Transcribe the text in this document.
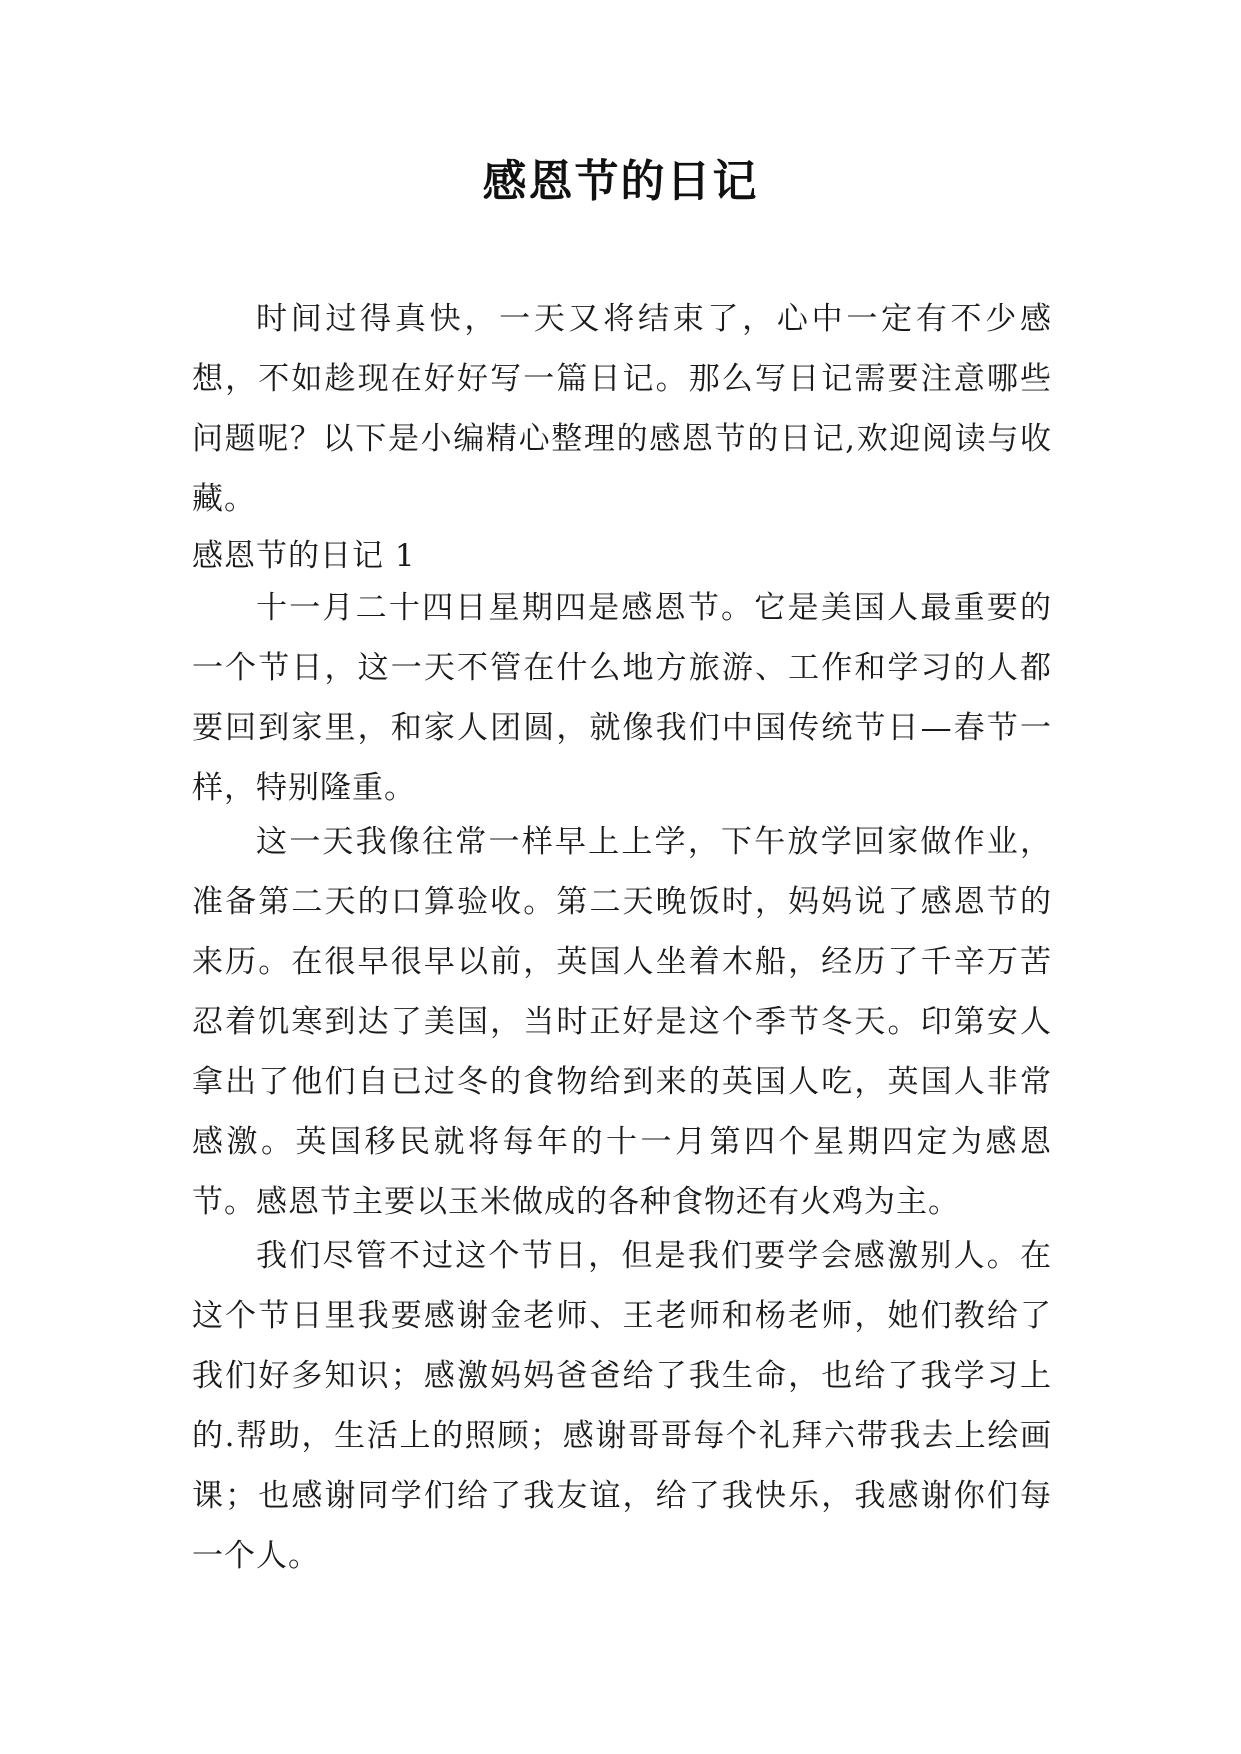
感恩节的日记

时间过得真快，一天又将结束了，心中一定有不少感想，不如趁现在好好写一篇日记。那么写日记需要注意哪些问题呢？以下是小编精心整理的感恩节的日记,欢迎阅读与收藏。

感恩节的日记 1

十一月二十四日星期四是感恩节。它是美国人最重要的一个节日，这一天不管在什么地方旅游、工作和学习的人都要回到家里，和家人团圆，就像我们中国传统节日—春节一样，特别隆重。

这一天我像往常一样早上上学，下午放学回家做作业，准备第二天的口算验收。第二天晚饭时，妈妈说了感恩节的来历。在很早很早以前，英国人坐着木船，经历了千辛万苦忍着饥寒到达了美国，当时正好是这个季节冬天。印第安人拿出了他们自已过冬的食物给到来的英国人吃，英国人非常感激。英国移民就将每年的十一月第四个星期四定为感恩节。感恩节主要以玉米做成的各种食物还有火鸡为主。

我们尽管不过这个节日，但是我们要学会感激别人。在这个节日里我要感谢金老师、王老师和杨老师，她们教给了我们好多知识；感激妈妈爸爸给了我生命，也给了我学习上的.帮助，生活上的照顾；感谢哥哥每个礼拜六带我去上绘画课；也感谢同学们给了我友谊，给了我快乐，我感谢你们每一个人。
